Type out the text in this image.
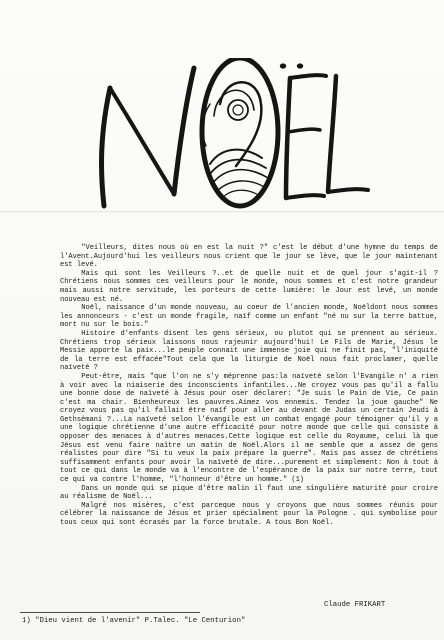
"Veilleurs, dites nous où en est la nuit ?" c'est le début d'une hymne du temps de l'Avent.Aujourd'hui les veilleurs nous crient que le jour se lève, que le jour maintenant est levé.

Mais qui sont les Veilleurs ?..et de quelle nuit et de quel jour s'agit-il ? Chrétiens nous sommes ces veilleurs pour le monde, nous sommes et c'est notre grandeur mais aussi notre servitude, les porteurs de cette lumière: le Jour est levé, un monde nouveau est né.

Noël, naissance d'un monde nouveau, au coeur de l'ancien monde, Noëldont nous sommes les annonceurs - c'est un monde fragile, naïf comme un enfant "né nu sur la terre battue, mort nu sur le bois."

Histoire d'enfants disent les gens sérieux, ou plutot qui se prennent au sérieux. Chrétiens trop sérieux laissons nous rajeunir aujourd'hui! Le Fils de Marie, Jésus le Messie apporte la paix...le peuple connait une immense joie qui ne finit pas, "l'iniquité de la terre est effacée"Tout cela que la liturgie de Noël nous fait proclamer, quelle naïveté ?

Peut-être, mais "que l'on ne s'y méprenne pas:la naïveté selon l'Evangile n' a rien à voir avec la niaiserie des inconscients infantiles...Ne croyez vous pas qu'il a fallu une bonne dose de naïveté à Jésus pour oser déclarer: "Je suis le Pain de Vie, Ce pain c'est ma chair. Bienheureux les pauvres.Aimez vos ennemis. Tendez la joue gauche" Ne croyez vous pas qu'il fallait être naïf pour aller au devant de Judas un certain Jeudi à Gethsémani ?...La naïveté selon l'évangile est un combat engagé pour témoigner qu'il y a une logique chrétienne d'une autre efficacité pour notre monde que celle qui consiste à opposer des menaces à d'autres menaces.Cette logique est celle du Royaume, celui là que Jésus est venu faire naître un matin de Noël.Alors il me semble que a assez de gens réalistes pour dire "Si tu veux la paix prépare la guerre". Mais pas assez de chrétiens suffisamment enfants pour avoir la naïveté de dire...purement et simplement: Non à tout à tout ce qui dans le monde va à l'encontre de l'espérance de la paix sur notre terre, tout ce qui va contre l'homme, "l'honneur d'être un homme." (1)

Dans un monde qui se pique d'être malin il faut une singulière maturité pour croire au réalisme de Noël...

Malgré nos misères, c'est parceque nous y croyons que nous sommes réunis pour célébrer la naissance de Jésus et prier spécialment pour la Pologne . qui symbolise pour tous ceux qui sont écrasés par la force brutale. A tous Bon Noël.

Claude FRIKART
1) "Dieu vient de l'avenir" P.Talec. "Le Centurion"
